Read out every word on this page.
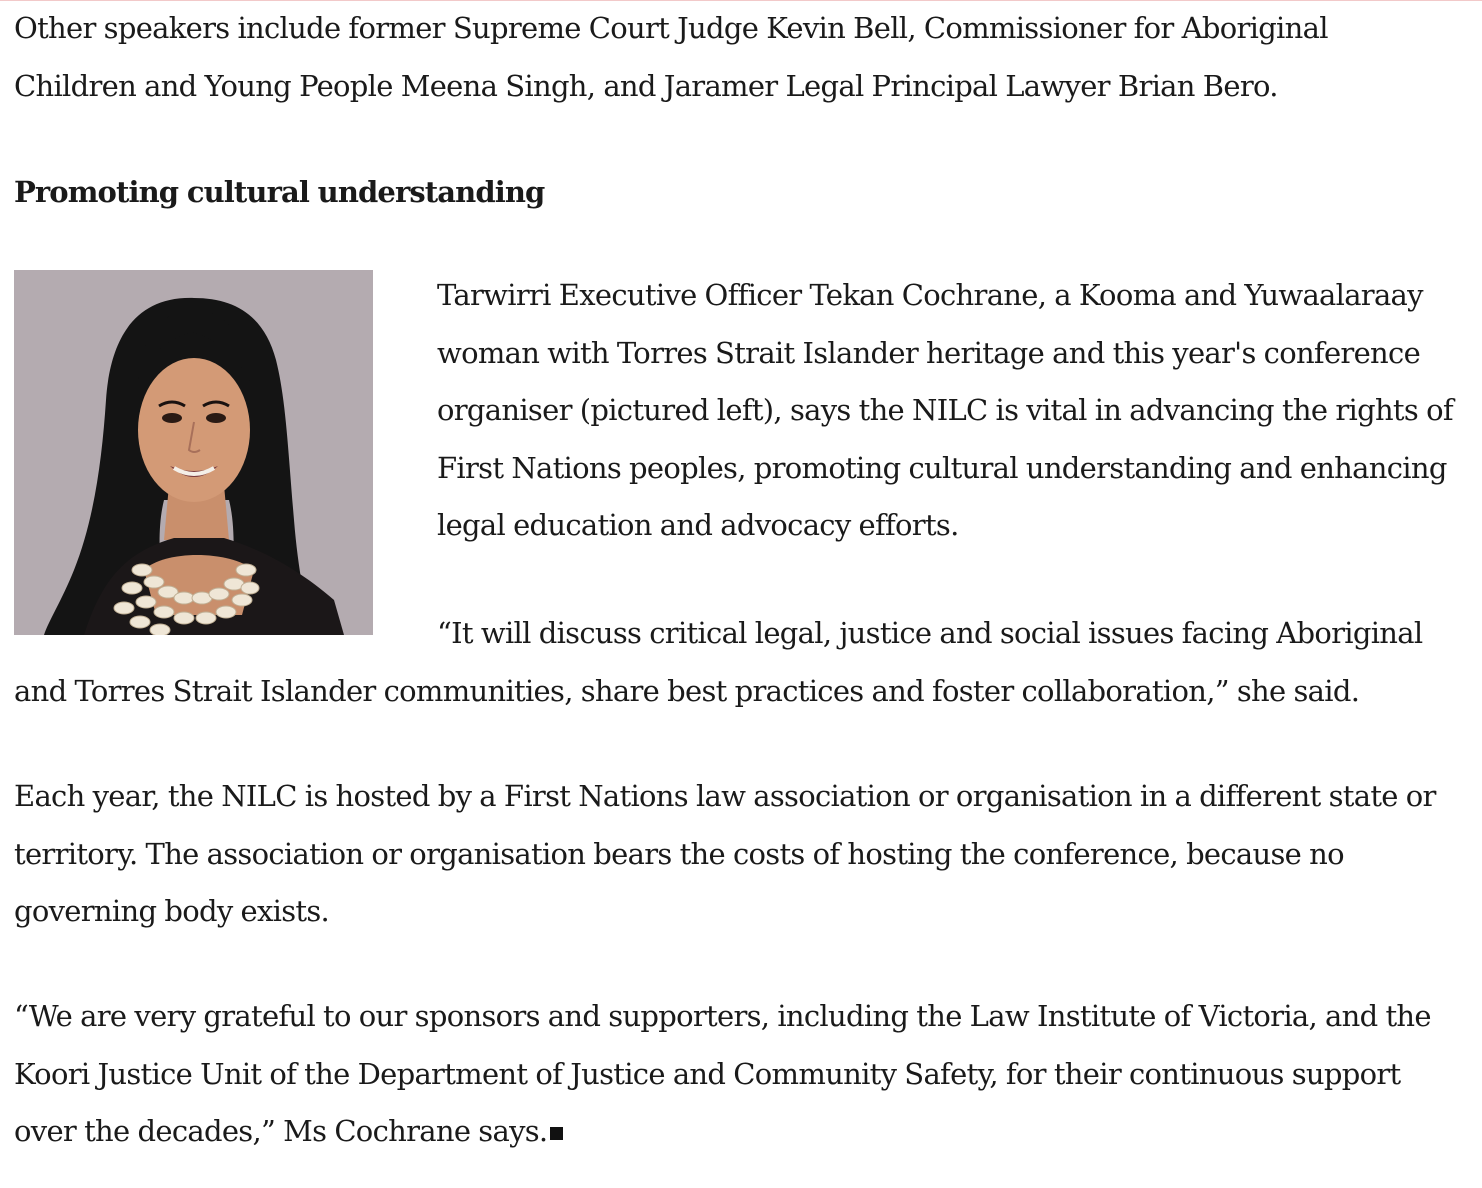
Other speakers include former Supreme Court Judge Kevin Bell, Commissioner for Aboriginal Children and Young People Meena Singh, and Jaramer Legal Principal Lawyer Brian Bero.

Promoting cultural understanding

Tarwirri Executive Officer Tekan Cochrane, a Kooma and Yuwaalaraay woman with Torres Strait Islander heritage and this year's conference organiser (pictured left), says the NILC is vital in advancing the rights of First Nations peoples, promoting cultural understanding and enhancing legal education and advocacy efforts.

“It will discuss critical legal, justice and social issues facing Aboriginal and Torres Strait Islander communities, share best practices and foster collaboration,” she said.

Each year, the NILC is hosted by a First Nations law association or organisation in a different state or territory. The association or organisation bears the costs of hosting the conference, because no governing body exists.

“We are very grateful to our sponsors and supporters, including the Law Institute of Victoria, and the Koori Justice Unit of the Department of Justice and Community Safety, for their continuous support over the decades,” Ms Cochrane says.
